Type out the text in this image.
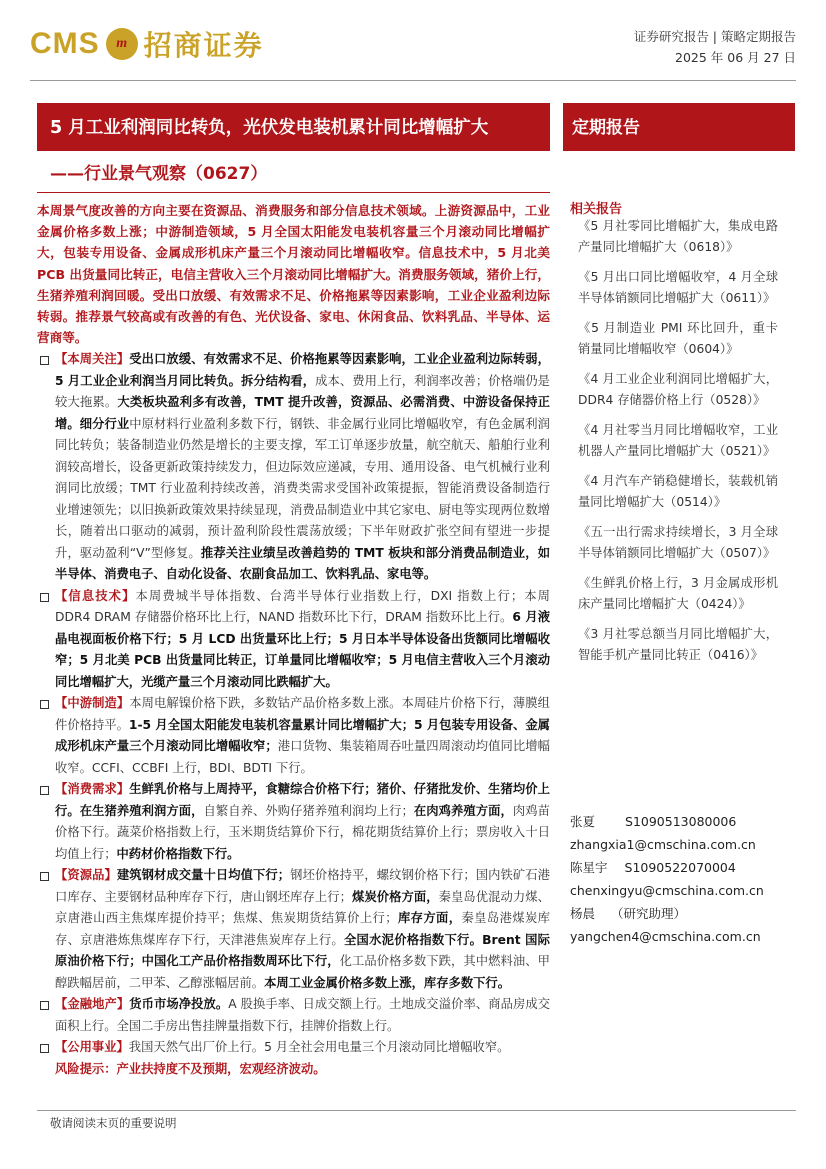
CMS	m 招商证券	证券研究报告 | 策略定期报告
2025 年 06 月 27 日
5 月工业利润同比转负，光伏发电装机累计同比增幅扩大
——行业景气观察（0627）
定期报告
本周景气度改善的方向主要在资源品、消费服务和部分信息技术领域。上游资源品中，工业金属价格多数上涨；中游制造领域，5 月全国太阳能发电装机容量三个月滚动同比增幅扩大，包装专用设备、金属成形机床产量三个月滚动同比增幅收窄。信息技术中，5 月北美 PCB 出货量同比转正，电信主营收入三个月滚动同比增幅扩大。消费服务领域，猪价上行，生猪养殖利润回暖。受出口放缓、有效需求不足、价格拖累等因素影响，工业企业盈利边际转弱。推荐景气较高或有改善的有色、光伏设备、家电、休闲食品、饮料乳品、半导体、运营商等。

【本周关注】受出口放缓、有效需求不足、价格拖累等因素影响，工业企业盈利边际转弱，5 月工业企业利润当月同比转负。拆分结构看，成本、费用上行，利润率改善；价格端仍是较大拖累。大类板块盈利多有改善，TMT 提升改善，资源品、必需消费、中游设备保持正增。细分行业中原材料行业盈利多数下行，钢铁、非金属行业同比增幅收窄，有色金属利润同比转负；装备制造业仍然是增长的主要支撑，军工订单逐步放量，航空航天、船舶行业利润较高增长，设备更新政策持续发力，但边际效应递减，专用、通用设备、电气机械行业利润同比放缓；TMT 行业盈利持续改善，消费类需求受国补政策提振，智能消费设备制造行业增速领先；以旧换新政策效果持续显现，消费品制造业中其它家电、厨电等实现两位数增长，随着出口驱动的减弱，预计盈利阶段性震荡放缓；下半年财政扩张空间有望进一步提升，驱动盈利“V”型修复。推荐关注业绩呈改善趋势的 TMT 板块和部分消费品制造业，如半导体、消费电子、自动化设备、农副食品加工、饮料乳品、家电等。

【信息技术】本周费城半导体指数、台湾半导体行业指数上行，DXI 指数上行；本周 DDR4 DRAM 存储器价格环比上行，NAND 指数环比下行，DRAM 指数环比上行。6 月液晶电视面板价格下行；5 月 LCD 出货量环比上行；5 月日本半导体设备出货额同比增幅收窄；5 月北美 PCB 出货量同比转正，订单量同比增幅收窄；5 月电信主营收入三个月滚动同比增幅扩大，光缆产量三个月滚动同比跌幅扩大。

【中游制造】本周电解镍价格下跌，多数钴产品价格多数上涨。本周硅片价格下行，薄膜组件价格持平。1-5 月全国太阳能发电装机容量累计同比增幅扩大；5 月包装专用设备、金属成形机床产量三个月滚动同比增幅收窄；港口货物、集装箱周吞吐量四周滚动均值同比增幅收窄。CCFI、CCBFI 上行，BDI、BDTI 下行。

【消费需求】生鲜乳价格与上周持平，食糖综合价格下行；猪价、仔猪批发价、生猪均价上行。在生猪养殖利润方面，自繁自养、外购仔猪养殖利润均上行；在肉鸡养殖方面，肉鸡苗价格下行。蔬菜价格指数上行，玉米期货结算价下行，棉花期货结算价上行；票房收入十日均值上行；中药材价格指数下行。

【资源品】建筑钢材成交量十日均值下行；钢坯价格持平，螺纹钢价格下行；国内铁矿石港口库存、主要钢材品种库存下行，唐山钢坯库存上行；煤炭价格方面，秦皇岛优混动力煤、京唐港山西主焦煤库提价持平；焦煤、焦炭期货结算价上行；库存方面，秦皇岛港煤炭库存、京唐港炼焦煤库存下行，天津港焦炭库存上行。全国水泥价格指数下行。Brent 国际原油价格下行；中国化工产品价格指数周环比下行，化工品价格多数下跌，其中燃料油、甲醇跌幅居前，二甲苯、乙醇涨幅居前。本周工业金属价格多数上涨，库存多数下行。

【金融地产】货币市场净投放。A 股换手率、日成交额上行。土地成交溢价率、商品房成交面积上行。全国二手房出售挂牌量指数下行，挂牌价指数上行。

【公用事业】我国天然气出厂价上行。5 月全社会用电量三个月滚动同比增幅收窄。

风险提示：产业扶持度不及预期，宏观经济波动。
相关报告
《5 月社零同比增幅扩大，集成电路产量同比增幅扩大（0618）》
《5 月出口同比增幅收窄，4 月全球半导体销额同比增幅扩大（0611）》
《5 月制造业 PMI 环比回升，重卡销量同比增幅收窄（0604）》
《4 月工业企业利润同比增幅扩大，DDR4 存储器价格上行（0528）》
《4 月社零当月同比增幅收窄，工业机器人产量同比增幅扩大（0521）》
《4 月汽车产销稳健增长，装载机销量同比增幅扩大（0514）》
《五一出行需求持续增长，3 月全球半导体销额同比增幅扩大（0507）》
《生鲜乳价格上行，3 月金属成形机床产量同比增幅扩大（0424）》
《3 月社零总额当月同比增幅扩大，智能手机产量同比转正（0416）》
张夏 S1090513080006
zhangxia1@cmschina.com.cn
陈星宇 S1090522070004
chenxingyu@cmschina.com.cn
杨晨 （研究助理）
yangchen4@cmschina.com.cn
敬请阅读末页的重要说明
